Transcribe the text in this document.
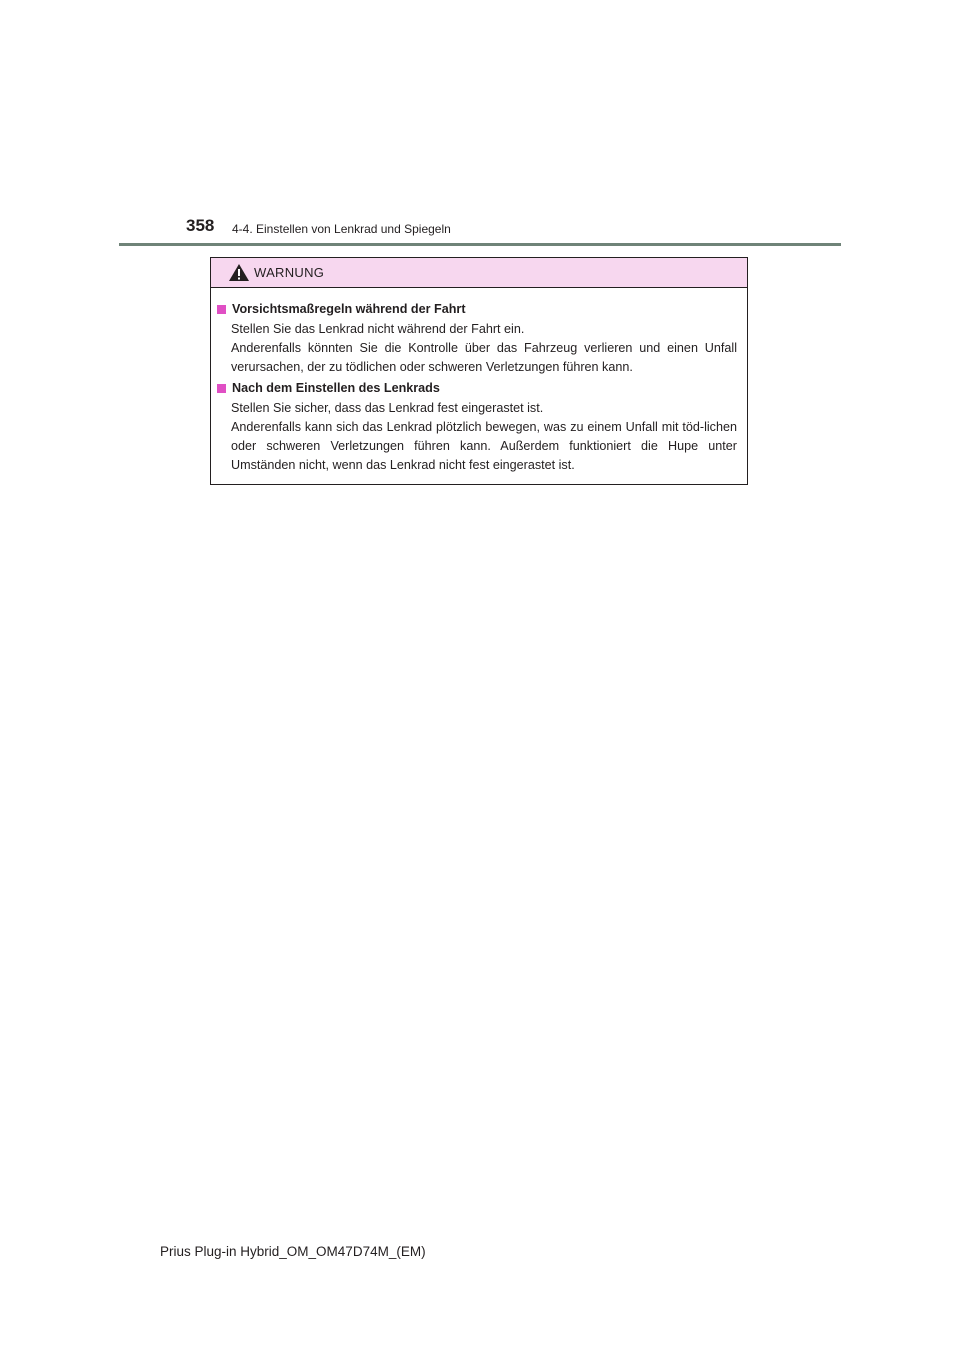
358 4-4. Einstellen von Lenkrad und Spiegeln
WARNUNG
Vorsichtsmaßregeln während der Fahrt

Stellen Sie das Lenkrad nicht während der Fahrt ein.

Anderenfalls könnten Sie die Kontrolle über das Fahrzeug verlieren und einen Unfall verursachen, der zu tödlichen oder schweren Verletzungen führen kann.

Nach dem Einstellen des Lenkrads

Stellen Sie sicher, dass das Lenkrad fest eingerastet ist.

Anderenfalls kann sich das Lenkrad plötzlich bewegen, was zu einem Unfall mit töd-lichen oder schweren Verletzungen führen kann. Außerdem funktioniert die Hupe unter Umständen nicht, wenn das Lenkrad nicht fest eingerastet ist.

Prius Plug-in Hybrid_OM_OM47D74M_(EM)
